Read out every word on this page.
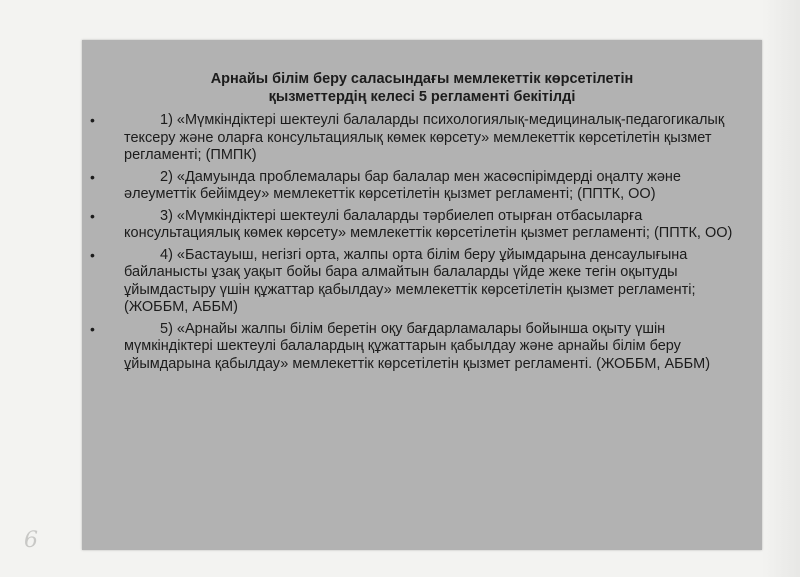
Арнайы білім беру саласындағы мемлекеттік көрсетілетін
қызметтердің келесі 5 регламенті бекітілді
•	1) «Мүмкіндіктері шектеулі балаларды психологиялық-медициналық-педагогикалық тексеру және оларға консультациялық көмек көрсету» мемлекеттік көрсетілетін қызмет регламенті; (ПМПК)
•	2) «Дамуында проблемалары бар балалар мен жасөспірімдерді оңалту және әлеуметтік бейімдеу» мемлекеттік көрсетілетін қызмет регламенті; (ППТК, ОО)
•	3) «Мүмкіндіктері шектеулі балаларды тәрбиелеп отырған отбасыларға консультациялық көмек көрсету» мемлекеттік көрсетілетін қызмет регламенті; (ППТК, ОО)
•	4) «Бастауыш, негізгі орта, жалпы орта білім беру ұйымдарына денсаулығына байланысты ұзақ уақыт бойы бара алмайтын балаларды үйде жеке тегін оқытуды ұйымдастыру үшін құжаттар қабылдау» мемлекеттік көрсетілетін қызмет регламенті; (ЖОББМ, АББМ)
•	5) «Арнайы жалпы білім беретін оқу бағдарламалары бойынша оқыту үшін мүмкіндіктері шектеулі балалардың құжаттарын қабылдау және арнайы білім беру ұйымдарына қабылдау» мемлекеттік көрсетілетін қызмет регламенті. (ЖОББМ, АББМ)
6
